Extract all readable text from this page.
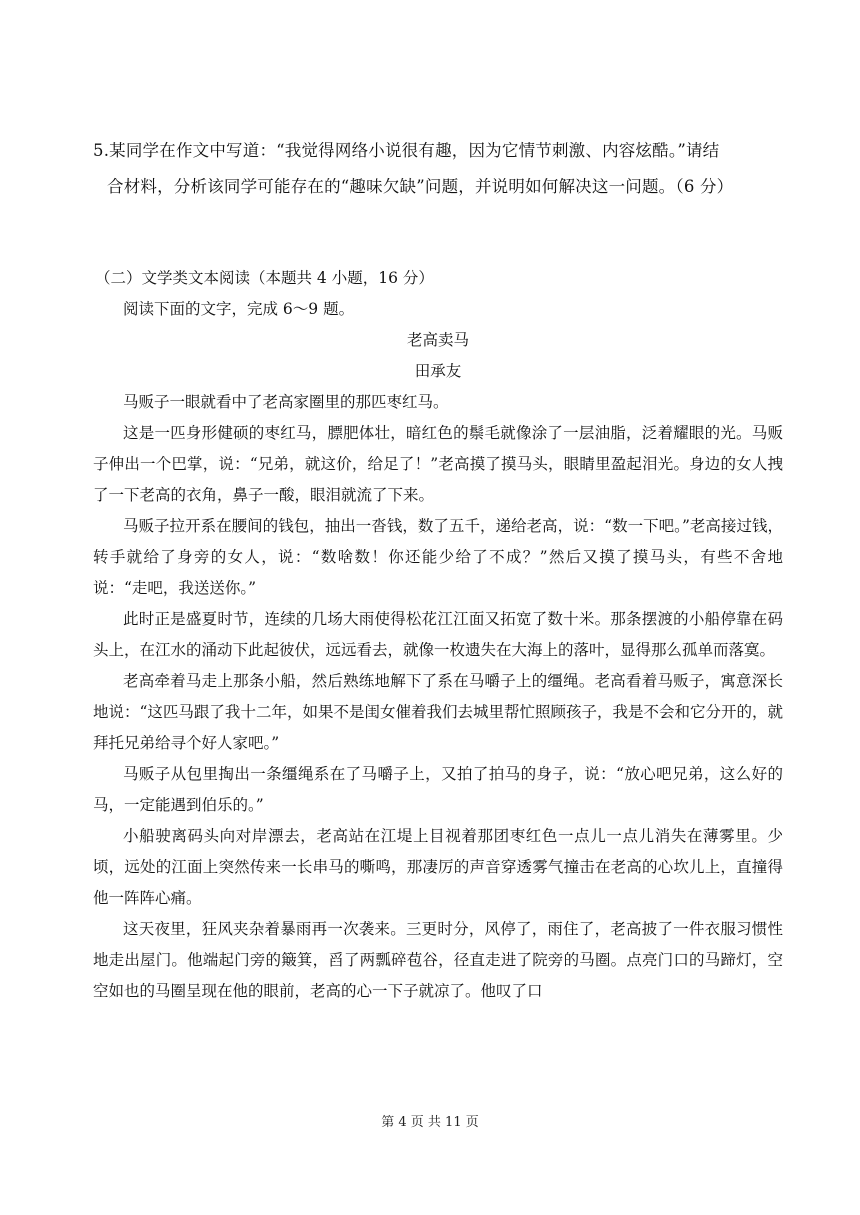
5.某同学在作文中写道：“我觉得网络小说很有趣，因为它情节刺激、内容炫酷。”请结
合材料，分析该同学可能存在的“趣味欠缺”问题，并说明如何解决这一问题。（6 分）

（二）文学类文本阅读（本题共 4 小题，16 分）

阅读下面的文字，完成 6～9 题。

老高卖马

田承友

马贩子一眼就看中了老高家圈里的那匹枣红马。

这是一匹身形健硕的枣红马，膘肥体壮，暗红色的鬃毛就像涂了一层油脂，泛着耀眼的光。马贩子伸出一个巴掌，说：“兄弟，就这价，给足了！”老高摸了摸马头，眼睛里盈起泪光。身边的女人拽了一下老高的衣角，鼻子一酸，眼泪就流了下来。

马贩子拉开系在腰间的钱包，抽出一沓钱，数了五千，递给老高，说：“数一下吧。”老高接过钱，转手就给了身旁的女人，说：“数啥数！你还能少给了不成？”然后又摸了摸马头，有些不舍地说：“走吧，我送送你。”

此时正是盛夏时节，连续的几场大雨使得松花江江面又拓宽了数十米。那条摆渡的小船停靠在码头上，在江水的涌动下此起彼伏，远远看去，就像一枚遗失在大海上的落叶，显得那么孤单而落寞。

老高牵着马走上那条小船，然后熟练地解下了系在马嚼子上的缰绳。老高看着马贩子，寓意深长地说：“这匹马跟了我十二年，如果不是闺女催着我们去城里帮忙照顾孩子，我是不会和它分开的，就拜托兄弟给寻个好人家吧。”

马贩子从包里掏出一条缰绳系在了马嚼子上，又拍了拍马的身子，说：“放心吧兄弟，这么好的马，一定能遇到伯乐的。”

小船驶离码头向对岸漂去，老高站在江堤上目视着那团枣红色一点儿一点儿消失在薄雾里。少顷，远处的江面上突然传来一长串马的嘶鸣，那凄厉的声音穿透雾气撞击在老高的心坎儿上，直撞得他一阵阵心痛。

这天夜里，狂风夹杂着暴雨再一次袭来。三更时分，风停了，雨住了，老高披了一件衣服习惯性地走出屋门。他端起门旁的簸箕，舀了两瓢碎苞谷，径直走进了院旁的马圈。点亮门口的马蹄灯，空空如也的马圈呈现在他的眼前，老高的心一下子就凉了。他叹了口

第 4 页 共 11 页
